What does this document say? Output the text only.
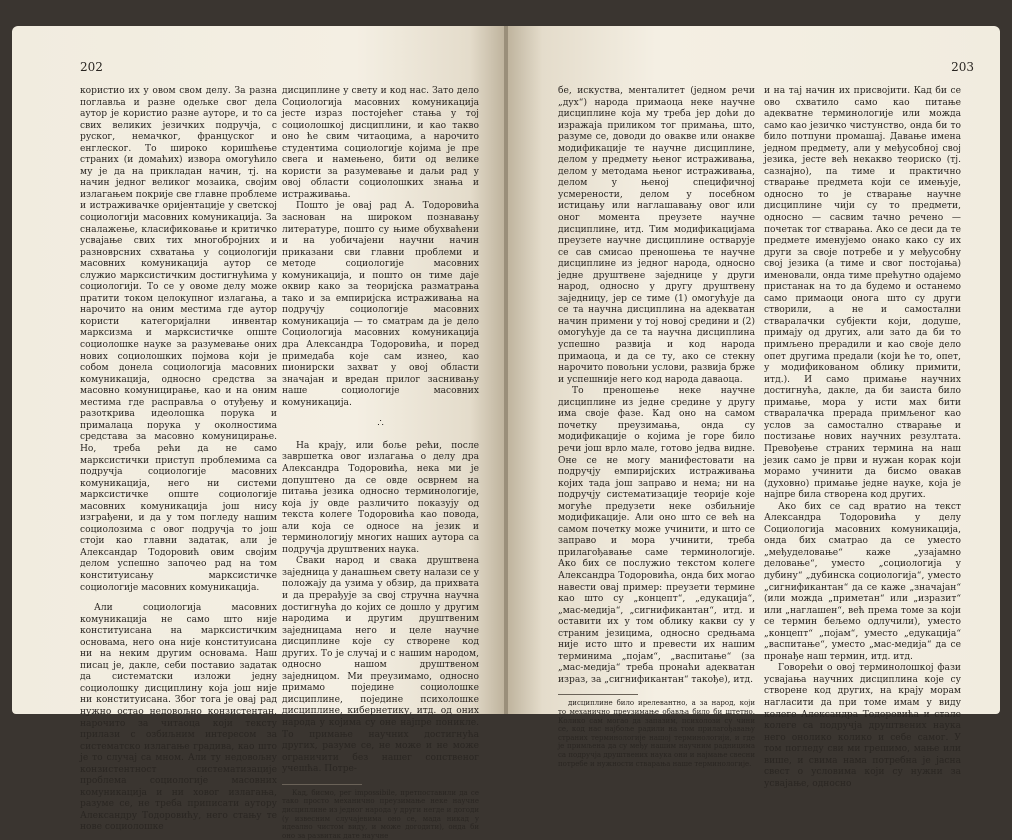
202

користио их у овом свом делу. За разна поглавља и разне одељке свог дела аутор је користио разне ауторе, и то са свих великих језичких подручја, с руског, немачког, француског и енглеског. То широко коришћење страних (и домаћих) извора омогућило му је да на прикладан начин, тј. на начин једног великог мозаика, својим излагањем покрије све главне проблеме и истраживачке оријентације у светској социологији масовних комуникација. За сналажење, класификовање и критичко усвајање свих тих многобројних и разноврсних схватања у социологији масовних комуникација аутор се служио марксистичким достигнућима у социологији. То се у овоме делу може пратити током целокупног излагања, а нарочито на оним местима где аутор користи категоријални инвентар марксизма и марксистичке опште социолошке науке за разумевање оних нових социолошких појмова који је собом донела социологија масовних комуникација, односно средства за масовно комуницирање, као и на оним местима где расправља о отуђењу и разоткрива идеолошка порука и прималаца порука у околностима средстава за масовно комуницирање. Но, треба рећи да не само марксистички приступ проблемима са подручја социологије масовних комуникација, него ни системи марксистичке опште социологије масовних комуникација још нису изграђени, и да у том погледу нашим социолозима с овог подручја то још стоји као главни задатак, али је Александар Тодоровић овим својим делом успешно започео рад на том конституисању марксистичке социологије масовних комуникација.

Али социологија масовних комуникација не само што није конституисана на марксистичким основама, него она није конституисана ни на неким другим основама. Наш писац је, дакле, себи поставио задатак да систематски изложи једну социолошку дисциплину која још није ни конституисана. Због тога је овај рад нужно остао недовољно конзистентан, нарочито за читаоца који тексту прилази с озбиљним интересом за систематско излагање градива, као што је то случај са мном. Али ту недовољну конзистентност систематизације проблема социологије масовних комуникација и ни ховог излагања, разуме се, не треба приписати аутору Александру Тодоровићу, него стању те нове социолошке

дисциплине у свету и код нас. Зато дело Социологија масовних комуникација јесте израз постојећег стања у тој социолошкој дисциплини, и као такво оно ће свим читаоцима, а нарочито студентима социологије којима је пре свега и намењено, бити од велике користи за разумевање и даљи рад у овој области социолошких знања и истраживања.

Пошто је овај рад А. Тодоровића заснован на широком познавању литературе, пошто су њиме обухваћени и на уобичајени научни начин приказани сви главни проблеми и методе социологије масовних комуникација, и пошто он тиме даје оквир како за теоријска разматрања тако и за емпиријска истраживања на подручју социологије масовних комуникација — то сматрам да је дело Социологија масовних комуникација дра Александра Тодоровића, и поред примедаба које сам изнео, као пионирски захват у овој области значајан и вредан прилог заснивању наше социологије масовних комуникација.

∴

На крају, или боље рећи, после завршетка овог излагања о делу дра Александра Тодоровића, нека ми је допуштено да се овде осврнем на питања језика односно терминологије, која ју овде различито показују од текста колеге Тодоровића као повода, али која се односе на језик и терминологију многих наших аутора са подручја друштвених наука.

Сваки народ и свака друштвена заједница у данашњем свету налази се у положају да узима у обзир, да прихвата и да прерађује за свој стручна научна достигнућа до којих се дошло у другим народима и другим друштвеним заједницама него и целе научне дисциплине које су створене код других. То је случај и с нашим народом, односно нашом друштвеном заједницом. Ми преузимамо, односно примамо поједине социолошке дисциплине, поједине психолошке дисциплине, кибернетику, итд. од оних народа у којима су оне најпре поникле. То примање научних достигнућа других, разуме се, не може и не може ограничити без нашег сопственог учешћа. Потре-

Кад, бисмо, рег impossibile, претпоставили да се тако просто механично преузимање неке научне дисциплине из једног народа у други негде и догоди (у извесним случајевима оно се, мада никад у идеално чистом виду, и може догодити), онда би оно за развитак дате научне

203

бе, искуства, менталитет (једном речи „дух“) народа примаоца неке научне дисциплине која му треба јер доћи до изражаја приликом тог примања, што, разуме се, доводи до овакве или онакве модификације те научне дисциплине, делом у предмету њеног истраживања, делом у методама њеног истраживања, делом у њеној специфичној усмерености, делом у посебном истицању или наглашавању овог или оног момента преузете научне дисциплине, итд. Тим модификацијама преузете научне дисциплине остварује се сав смисао преношења те научне дисциплине из једног народа, односно једне друштвене заједнице у други народ, односно у другу друштвену заједницу, јер се тиме (1) омогућује да се та научна дисциплина на адекватан начин примени у тој новој средини и (2) омогућује да се та научна дисциплина успешно развија и код народа примаоца, и да се ту, ако се стекну нарочито повољни услови, развија брже и успешније него код народа даваоца.

То преношење неке научне дисциплине из једне средине у другу има своје фазе. Кад оно на самом почетку преузимања, онда су модификације о којима је горе било речи још врло мале, готово једва видне. Оне се не могу манифестовати на подручју емпиријских истраживања којих тада још заправо и нема; ни на подручју систематизације теорије које могуће предузети неке озбиљније модификације. Али оно што се већ на самом почетку може учинити, и што се заправо и мора учинити, треба прилагођавање саме терминологије. Ако бих се послужио текстом колеге Александра Тодоровића, онда бих могао навести овај пример: преузети термине као што су „концепт“, „едукација“, „мас-медија“, „сигнификантан“, итд. и оставити их у том облику какви су у страним језицима, односно средњама није исто што и превести их нашим терминима „појам“, „васпитање“ (за „мас-медија“ треба пронаћи адекватан израз, за „сигнификантан“ такође), итд.

дисциплине било ирелевантно, а за народ, који то механично преузимање обавља било би штетно. Колико сам могао да запазим, психолози су чини се, код нас најбоље радили на том прилагођавању страних терминологије нашој терминологији, и где је примљена да су међу нашим научним радницима са подручја друштвених наука они и најмање свесни потребе и нужности стварања наше терминологије.

и на тај начин их присвојити. Кад би се ово схватило само као питање адекватне терминологије или можда само као језичко чистунство, онда би то било потпуни промашај. Давање имена једном предмету, али у међусобној свој језика, јесте већ некакво теориско (тј. сазнајно), па тиме и практично стварање предмета који се имењује, односно то је стварање научне дисциплине чији су то предмети, односно — сасвим тачно речено — почетак тог стварања. Ако се деси да те предмете именујемо онако како су их други за своје потребе и у међусобну свој језика (а тиме и свог постојања) именовали, онда тиме прећутно одајемо пристанак на то да будемо и останемо само примаоци онога што су други створили, а не и самостални стваралачки субјекти који, додуше, примају од других, али зато да би то примљено прерадили и као своје дело опет другима предали (који ће то, опет, у модификованом облику примити, итд.). И само примање научних достигнућа, дакле, да би заиста било примање, мора у исти мах бити стваралачка прерада примљеног као услов за самостално стварање и постизање нових научних резултата. Превођење страних термина на наш језик само је први и нужан корак који морамо учинити да бисмо овакав (духовно) примање једне науке, која је најпре била створена код других.

Ако бих се сад вратио на текст Александра Тодоровића у делу Социологија масовних комуникација, онда бих сматрао да се уместо „међуделовање“ каже „узајамно деловање“, уместо „социологија у дубину“ „дубинска социологија“, уместо „сигнификантан“ да се каже „значајан“ (или можда „приметан“ или „изразит“ или „наглашен“, већ према томе за који се термин бељемо одлучили), уместо „концепт“ „појам“, уместо „едукација“ „васпитање“, уместо „мас-медија“ да се пронађе наш термин, итд. итд.

Говорећи о овој терминолошкој фази усвајања научних дисциплина које су створене код других, на крају морам нагласити да при томе имам у виду колеге Александра Тодоровића и стале колеге са подручја друштвених наука него онолико колико и себе самог. У том погледу сви ми грешимо, мање или више, и свима нама потребна је јасна свест о условима који су нужни за усвајање, односно
